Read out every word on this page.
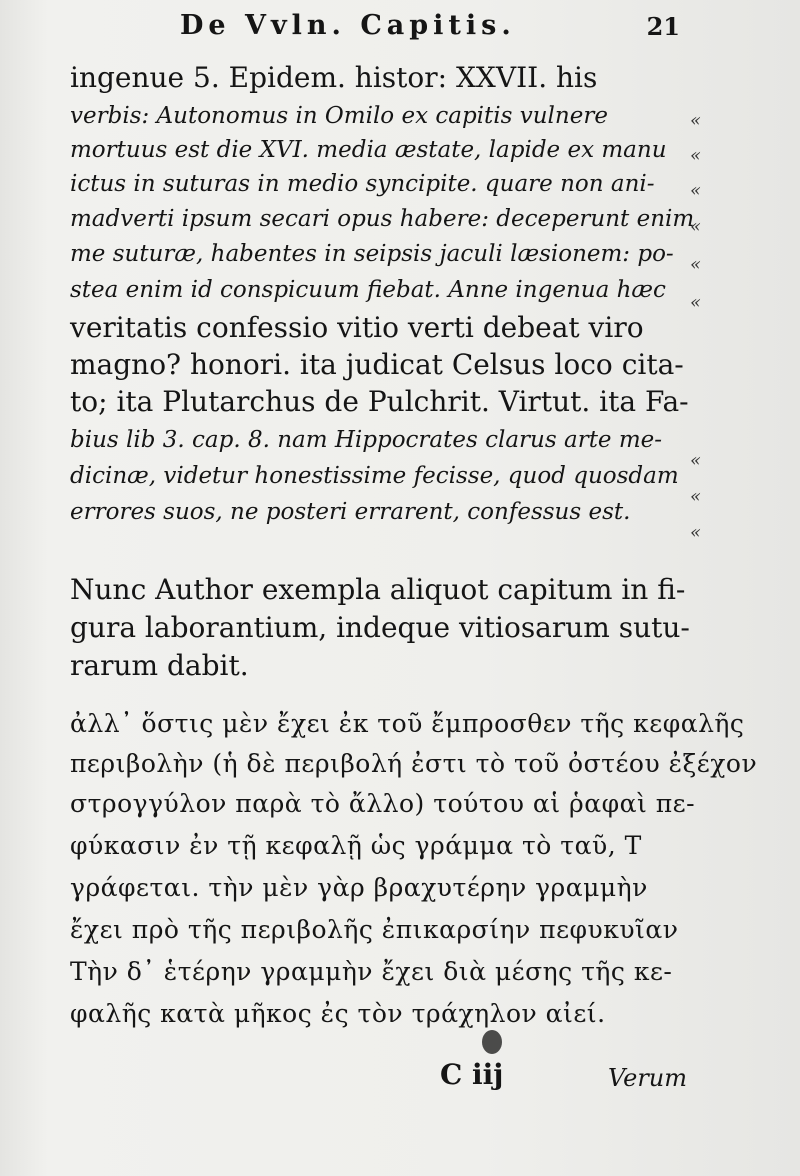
De Vvln. Capitis.	21
ingenue 5. Epidem. histor: XXVII. his
verbis: Autonomus in Omilo ex capitis vulnere
mortuus est die XVI. media æstate, lapide ex manu
ictus in suturas in medio syncipite. quare non ani-
madverti ipsum secari opus habere: deceperunt enim
me suturæ, habentes in seipsis jaculi læsionem: po-
stea enim id conspicuum fiebat. Anne ingenua hæc
veritatis confessio vitio verti debeat viro
magno? honori. ita judicat Celsus loco cita-
to; ita Plutarchus de Pulchrit. Virtut. ita Fa-
bius lib 3. cap. 8. nam Hippocrates clarus arte me-
dicinæ, videtur honestissime fecisse, quod quosdam
errores suos, ne posteri errarent, confessus est.
«
«
«
«
«
«
«
«
«
Nunc Author exempla aliquot capitum in fi-
gura laborantium, indeque vitiosarum sutu-
rarum dabit.
ἀλλ᾽ ὅστις μὲν ἔχει ἐκ τοῦ ἔμπροσθεν τῆς κεφαλῆς
περιβολὴν (ἡ δὲ περιβολή ἐστι τὸ τοῦ ὀστέου ἐξέχον
στρογγύλον παρὰ τὸ ἄλλο) τούτου αἱ ῥαφαὶ πε-
φύκασιν ἐν τῇ κεφαλῇ ὡς γράμμα τὸ ταῦ, Τ
γράφεται. τὴν μὲν γὰρ βραχυτέρην γραμμὴν
ἔχει πρὸ τῆς περιβολῆς ἐπικαρσίην πεφυκυῖαν
Τὴν δ᾽ ἑτέρην γραμμὴν ἔχει διὰ μέσης τῆς κε-
φαλῆς κατὰ μῆκος ἐς τὸν τράχηλον αἰεί.
C iij	Verum
